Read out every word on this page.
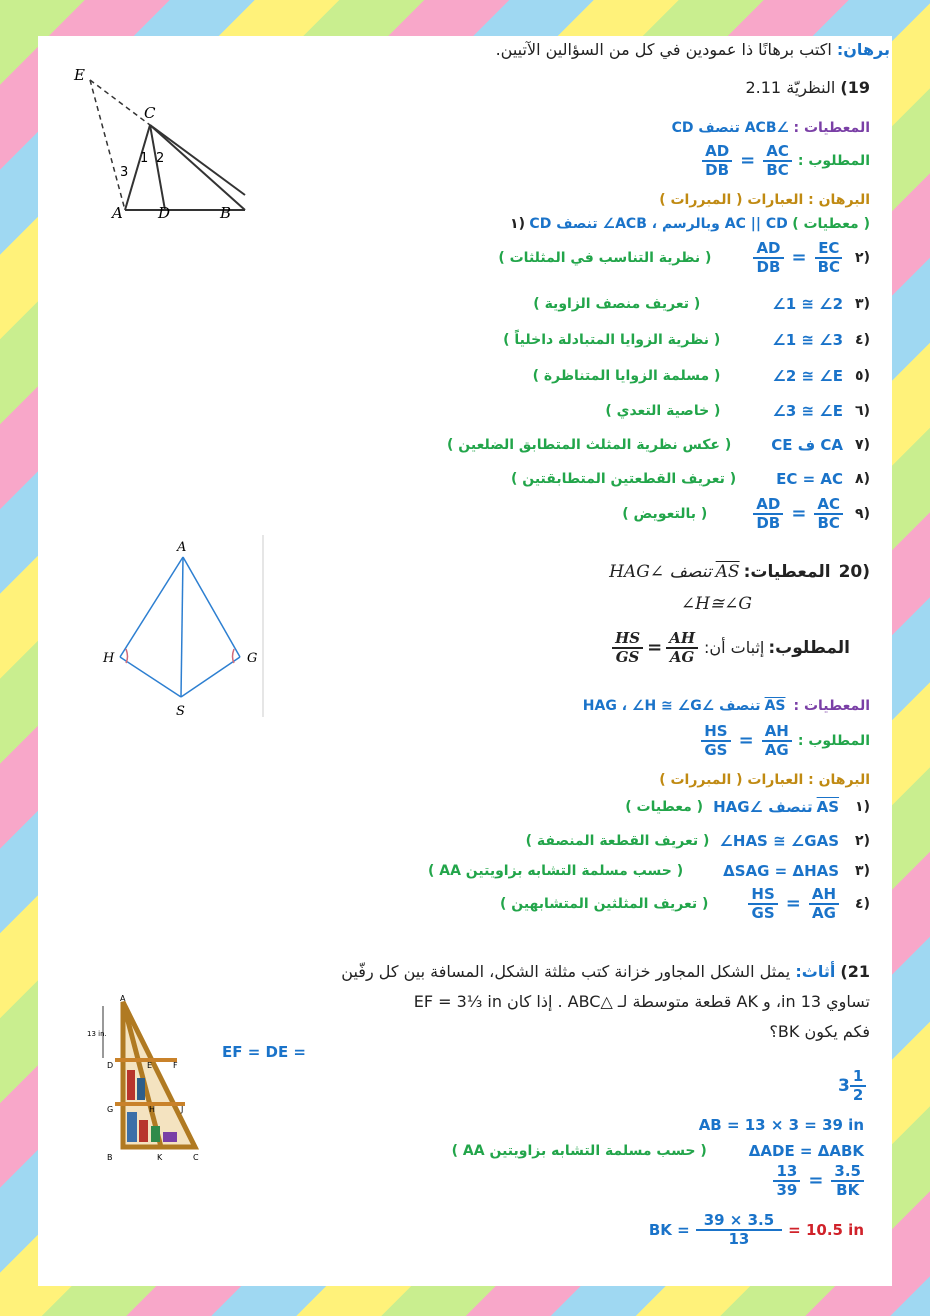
برهان: اكتب برهانًا ذا عمودين في كل من السؤالين الآتيين.
E
C
A D	B
1 2
3
19) النظريّة 2.11
المعطيات : ∠ACB تنصف CD
$\frac{AD}{DB} = \frac{AC}{BC}$ المطلوب :
البرهان : العبارات ( المبررات )
١) CD تنصف ∠ACB ، وبالرسم AC || CD ( معطيات )
( نظرية التناسب في المثلثات )	$\frac{AD}{DB} = \frac{EC}{BC}$ ٢)
( تعريف منصف الزاوية )	∠1 ≅ ∠2 ٣)
( نظرية الزوايا المتبادلة داخلياً )	∠1 ≅ ∠3 ٤)
( مسلمة الزوايا المتناظرة )	∠2 ≅ ∠E ٥)
( خاصية التعدي )	∠3 ≅ ∠E ٦)
( عكس نظرية المثلث المتطابق الضلعين )	CA ف CE ٧)
( تعريف القطعتين المتطابقتين )	EC = AC ٨)
( بالتعويض )	$\frac{AD}{DB} = \frac{AC}{BC}$ ٩)
A
H	G
S
تنصف ∠HAG $\overline{AS}$ المعطيات: 20)
∠H≅∠G
$\frac{HS}{GS} = \frac{AH}{AG}$ إثبات أن: المطلوب:
تنصف ∠HAG ، ∠H ≅ ∠G $\overline{AS}$ المعطيات :
$\frac{HS}{GS} = \frac{AH}{AG}$ المطلوب :
البرهان : العبارات ( المبررات )
( معطيات ) تنصف ∠HAG $\overline{AS}$ ١)
( تعريف القطعة المنصفة ) ∠HAS ≅ ∠GAS ٢)
( حسب مسلمة التشابه بزاويتين AA )	ΔSAG = ΔHAS ٣)
( تعريف المثلثين المتشابهين )	$\frac{HS}{GS} = \frac{AH}{AG}$ ٤)
21) أثاث: يمثل الشكل المجاور خزانة كتب مثلثة الشكل، المسافة بين كل رفّين
تساوي 13 in، و AK قطعة متوسطة لـ △ABC . إذا كان EF = 3⅓ in
فكم يكون BK؟
A
13 in.
D	E	F
G	H	J
B	K	C
EF = DE =
$3 \frac{1}{2}$
AB = 13 × 3 = 39 in
( حسب مسلمة التشابه بزاويتين AA )	ΔADE = ΔABK
$\frac{13}{39} = \frac{3.5}{BK}$
BK = $\frac{39 \times 3.5}{13} = 10.5$ in
